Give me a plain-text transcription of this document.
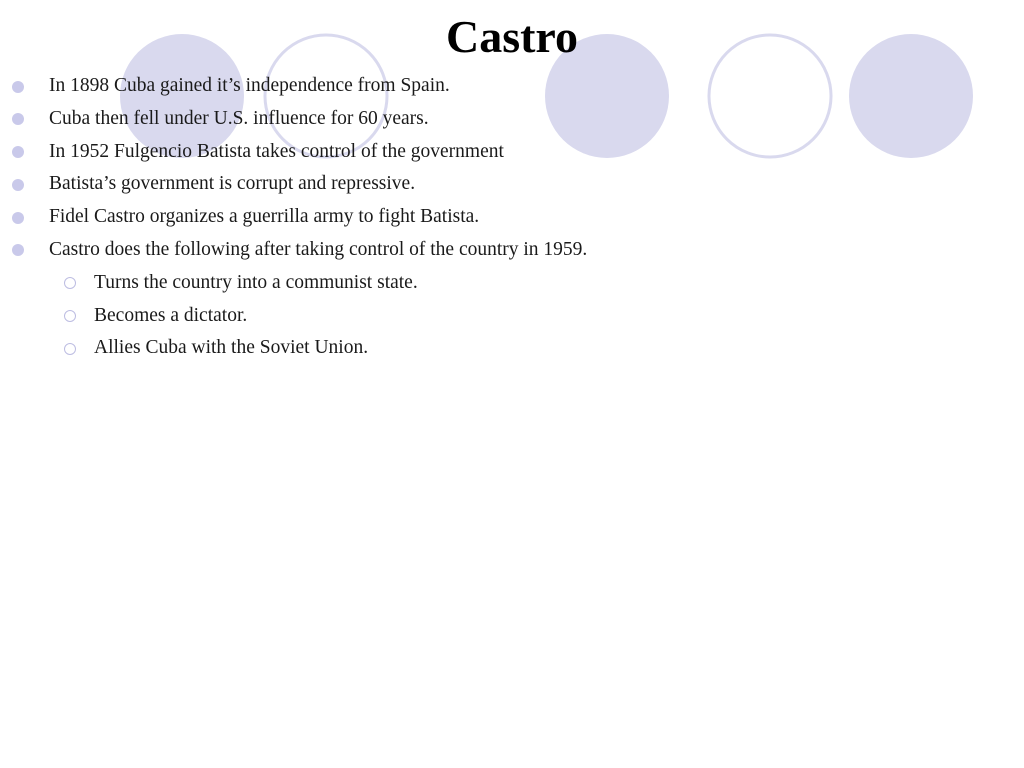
Castro
In 1898 Cuba gained it’s independence from Spain.
Cuba then fell under U.S. influence for 60 years.
In 1952 Fulgencio Batista takes control of the government
Batista’s government is corrupt and repressive.
Fidel Castro organizes a guerrilla army to fight Batista.
Castro does the following after taking control of the country in 1959.
Turns the country into a communist state.
Becomes a dictator.
Allies Cuba with the Soviet Union.
